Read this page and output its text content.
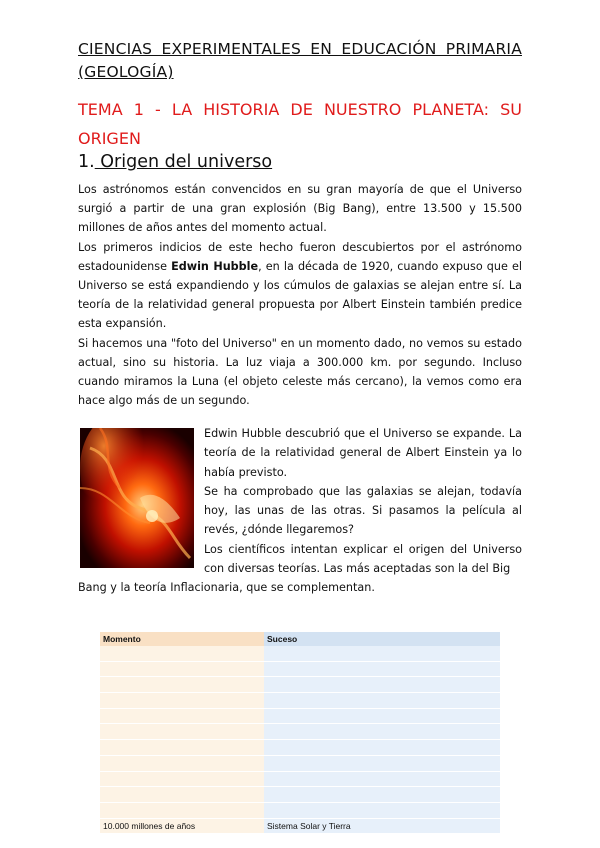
CIENCIAS EXPERIMENTALES EN EDUCACIÓN PRIMARIA (GEOLOGÍA)
TEMA 1 - LA HISTORIA DE NUESTRO PLANETA: SU ORIGEN
1. Origen del universo

Los astrónomos están convencidos en su gran mayoría de que el Universo surgió a partir de una gran explosión (Big Bang), entre 13.500 y 15.500 millones de años antes del momento actual.

Los primeros indicios de este hecho fueron descubiertos por el astrónomo estadounidense Edwin Hubble, en la década de 1920, cuando expuso que el Universo se está expandiendo y los cúmulos de galaxias se alejan entre sí. La teoría de la relatividad general propuesta por Albert Einstein también predice esta expansión.

Si hacemos una "foto del Universo" en un momento dado, no vemos su estado actual, sino su historia. La luz viaja a 300.000 km. por segundo. Incluso cuando miramos la Luna (el objeto celeste más cercano), la vemos como era hace algo más de un segundo.

Edwin Hubble descubrió que el Universo se expande. La teoría de la relatividad general de Albert Einstein ya lo había previsto.

Se ha comprobado que las galaxias se alejan, todavía hoy, las unas de las otras. Si pasamos la película al revés, ¿dónde llegaremos?

Los científicos intentan explicar el origen del Universo con diversas teorías. Las más aceptadas son la del Big

Bang y la teoría Inflacionaria, que se complementan.

Momento	Suceso

10.000 millones de años	Sistema Solar y Tierra
